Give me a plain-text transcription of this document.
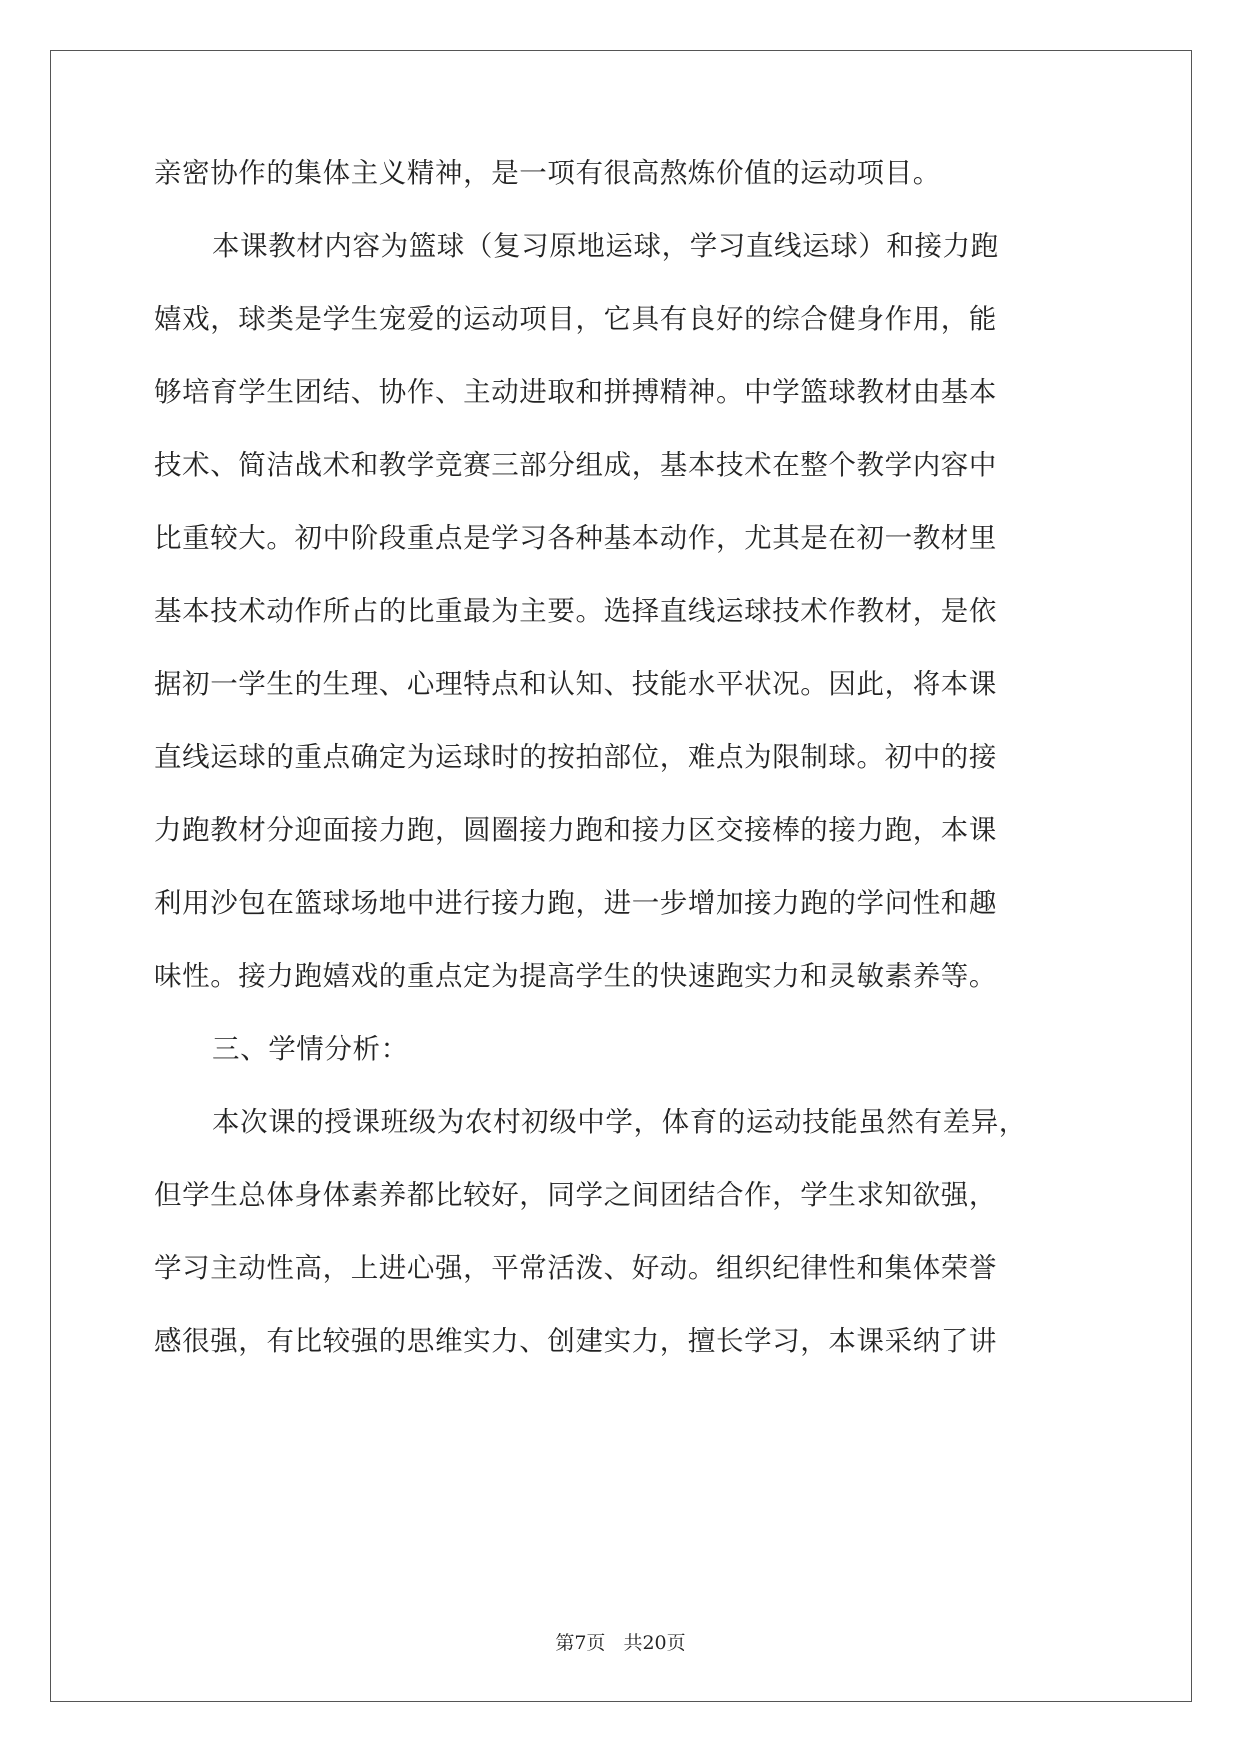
亲密协作的集体主义精神，是一项有很高熬炼价值的运动项目。
本课教材内容为篮球（复习原地运球，学习直线运球）和接力跑
嬉戏，球类是学生宠爱的运动项目，它具有良好的综合健身作用，能
够培育学生团结、协作、主动进取和拼搏精神。中学篮球教材由基本
技术、简洁战术和教学竞赛三部分组成，基本技术在整个教学内容中
比重较大。初中阶段重点是学习各种基本动作，尤其是在初一教材里
基本技术动作所占的比重最为主要。选择直线运球技术作教材，是依
据初一学生的生理、心理特点和认知、技能水平状况。因此，将本课
直线运球的重点确定为运球时的按拍部位，难点为限制球。初中的接
力跑教材分迎面接力跑，圆圈接力跑和接力区交接棒的接力跑，本课
利用沙包在篮球场地中进行接力跑，进一步增加接力跑的学问性和趣
味性。接力跑嬉戏的重点定为提高学生的快速跑实力和灵敏素养等。
三、学情分析：
本次课的授课班级为农村初级中学，体育的运动技能虽然有差异，
但学生总体身体素养都比较好，同学之间团结合作，学生求知欲强，
学习主动性高，上进心强，平常活泼、好动。组织纪律性和集体荣誉
感很强，有比较强的思维实力、创建实力，擅长学习，本课采纳了讲
第7页 共20页
